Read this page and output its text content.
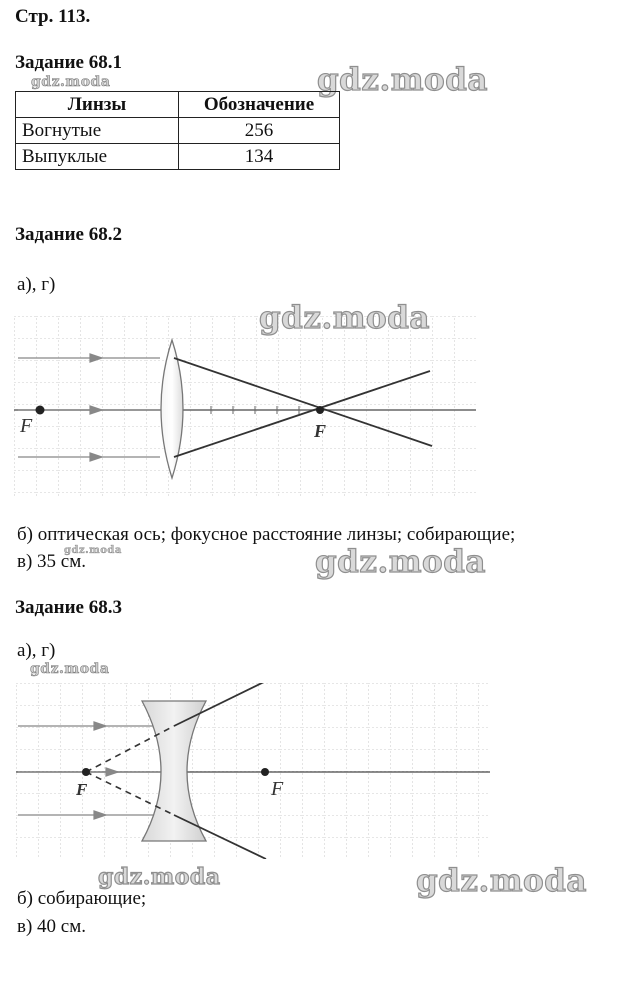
Стр. 113.
Задание 68.1
gdz.moda	gdz.moda
Линзы	Обозначение
Вогнутые	256
Выпуклые	134
Задание 68.2
а), г)
F	F
gdz.moda
б) оптическая ось; фокусное расстояние линзы; собирающие;
в) 35 см.
gdz.moda	gdz.moda
Задание 68.3
а), г)
gdz.moda
F	F
gdz.moda	gdz.moda
б) собирающие;
в) 40 см.
